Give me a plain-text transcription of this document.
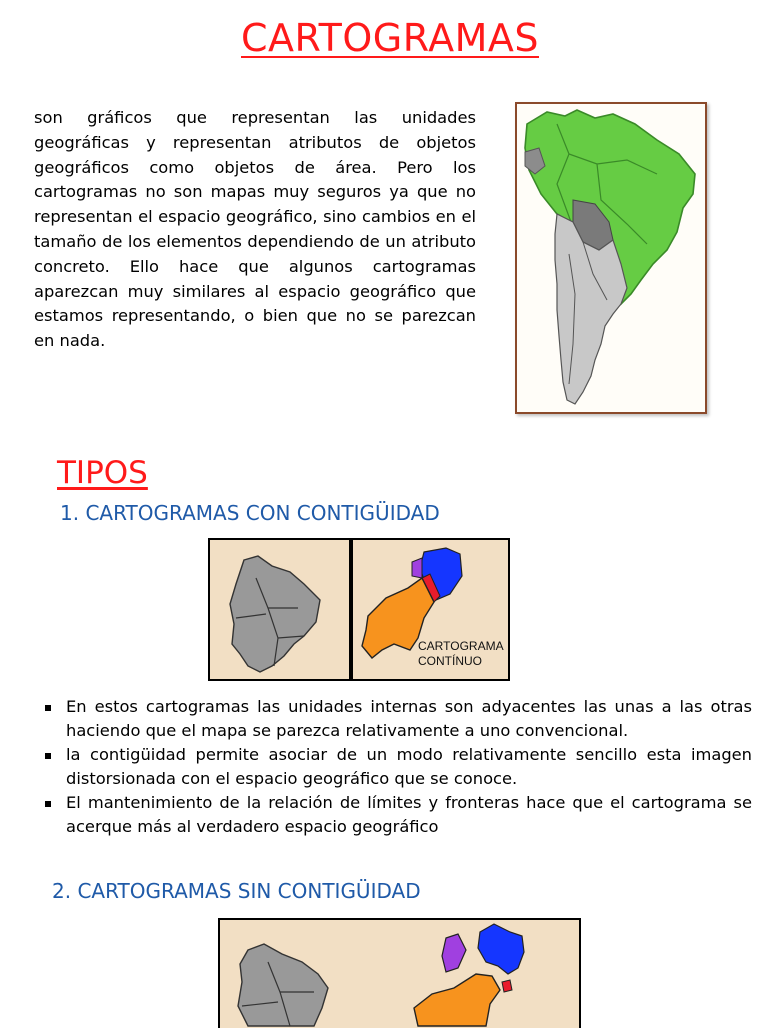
CARTOGRAMAS

son gráficos que representan las unidades geográficas y representan atributos de objetos geográficos como objetos de área. Pero los cartogramas no son mapas muy seguros ya que no representan el espacio geográfico, sino cambios en el tamaño de los elementos dependiendo de un atributo concreto. Ello hace que algunos cartogramas aparezcan muy similares al espacio geográfico que estamos representando, o bien que no se parezcan en nada.

TIPOS
1. CARTOGRAMAS CON CONTIGÜIDAD
CARTOGRAMA
CONTÍNUO
En estos cartogramas las unidades internas son adyacentes las unas a las otras haciendo que el mapa se parezca relativamente a uno convencional.
la contigüidad permite asociar de un modo relativamente sencillo esta imagen distorsionada con el espacio geográfico que se conoce.
El mantenimiento de la relación de límites y fronteras hace que el cartograma se acerque más al verdadero espacio geográfico
2. CARTOGRAMAS SIN CONTIGÜIDAD
